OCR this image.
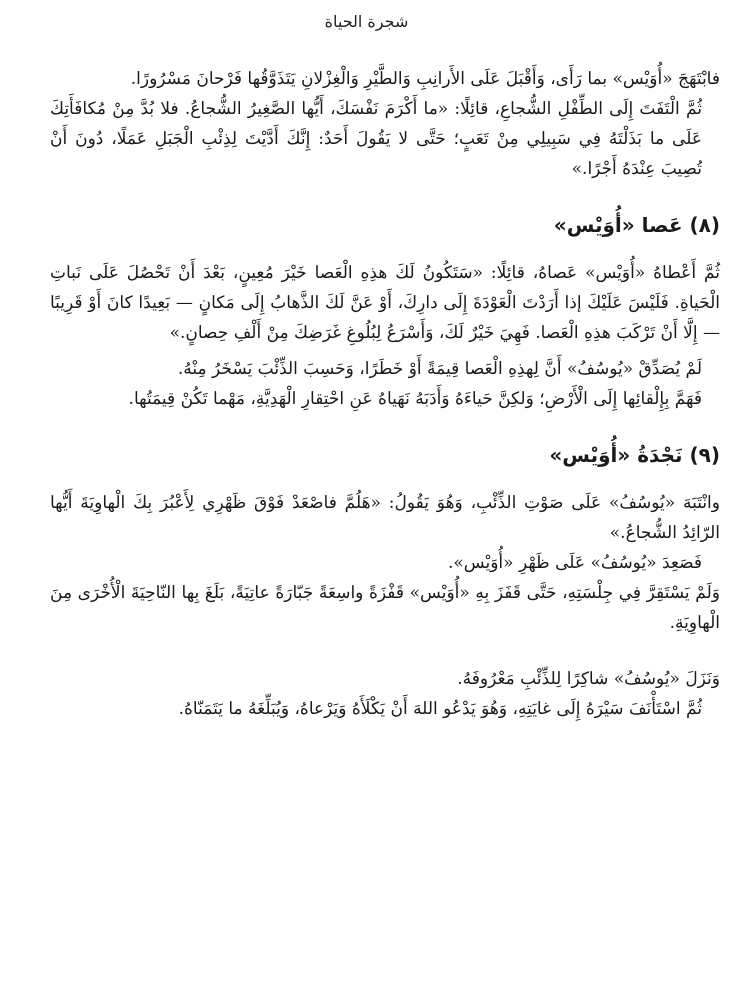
شجرة الحياة

فابْتَهَجَ «أُوَيْس» بما رَأَى، وَأَقْبَلَ عَلَى الأَرانِبِ وَالطَّيْرِ وَالْغِزْلانِ يَتَذَوَّقُها فَرْحانَ مَسْرُورًا.

ثُمَّ الْتَفَتَ إِلَى الطِّفْلِ الشُّجاعِ، قائِلًا: «ما أَكْرَمَ نَفْسَكَ، أَيُّها الصَّغِيرُ الشُّجاعُ. فلا بُدَّ مِنْ مُكافَأَتِكَ عَلَى ما بَذَلْتَهُ فِي سَبِيلِي مِنْ تَعَبٍ؛ حَتَّى لا يَقُولَ أَحَدٌ: إِنَّكَ أَدَّيْتَ لِذِئْبِ الْجَبَلِ عَمَلًا، دُونَ أَنْ تُصِيبَ عِنْدَهُ أَجْرًا.»

(٨) عَصا «أُوَيْس»

ثُمَّ أَعْطاهُ «أُوَيْس» عَصاهُ، قائِلًا: «سَتَكُونُ لَكَ هذِهِ الْعَصا خَيْرَ مُعِينٍ، بَعْدَ أَنْ تَحْصُلَ عَلَى نَباتِ الْحَياةِ. فَلَيْسَ عَلَيْكَ إذا أَرَدْتَ الْعَوْدَةَ إِلَى دارِكَ، أَوْ عَنَّ لَكَ الذَّهابُ إِلَى مَكانٍ — بَعِيدًا كانَ أَوْ قَرِيبًا — إِلَّا أَنْ تَرْكَبَ هذِهِ الْعَصا. فَهِيَ خَيْرٌ لَكَ، وَأَسْرَعُ لِبُلُوغِ غَرَضِكَ مِنْ أَلْفِ حِصانٍ.»

لَمْ يُصَدِّقْ «يُوسُفُ» أَنَّ لِهذِهِ الْعَصا قِيمَةً أَوْ خَطَرًا، وَحَسِبَ الذِّئْبَ يَسْخَرُ مِنْهُ.

فَهَمَّ بِإِلْقائِها إِلَى الْأَرْضِ؛ وَلكِنَّ حَياءَهُ وَأَدَبَهُ نَهَياهُ عَنِ احْتِقارِ الْهَدِيَّةِ، مَهْما تَكُنْ قِيمَتُها.

(٩) نَجْدَةُ «أُوَيْس»

وانْتَبَهَ «يُوسُفُ» عَلَى صَوْتِ الذِّئْبِ، وَهُوَ يَقُولُ: «هَلُمَّ فاصْعَدْ فَوْقَ ظَهْرِي لِأَعْبُرَ بِكَ الْهاوِيَةَ أَيُّها الرّائِدُ الشُّجاعُ.»

فَصَعِدَ «يُوسُفُ» عَلَى ظَهْرِ «أُوَيْس».

وَلَمْ يَسْتَقِرَّ فِي جِلْسَتِهِ، حَتَّى قَفَزَ بِهِ «أُوَيْس» قَفْزَةً واسِعَةً جَبّارَةً عاتِيَةً، بَلَغَ بِها النّاحِيَةَ الْأُخْرَى مِنَ الْهاوِيَةِ.

وَنَزَلَ «يُوسُفُ» شاكِرًا لِلذِّئْبِ مَعْرُوفَهُ.

ثُمَّ اسْتَأْنَفَ سَيْرَهُ إِلَى غايَتِهِ، وَهُوَ يَدْعُو اللهَ أَنْ يَكْلَأَهُ وَيَرْعاهُ، وَيُبَلِّغَهُ ما يَتَمَنّاهُ.
